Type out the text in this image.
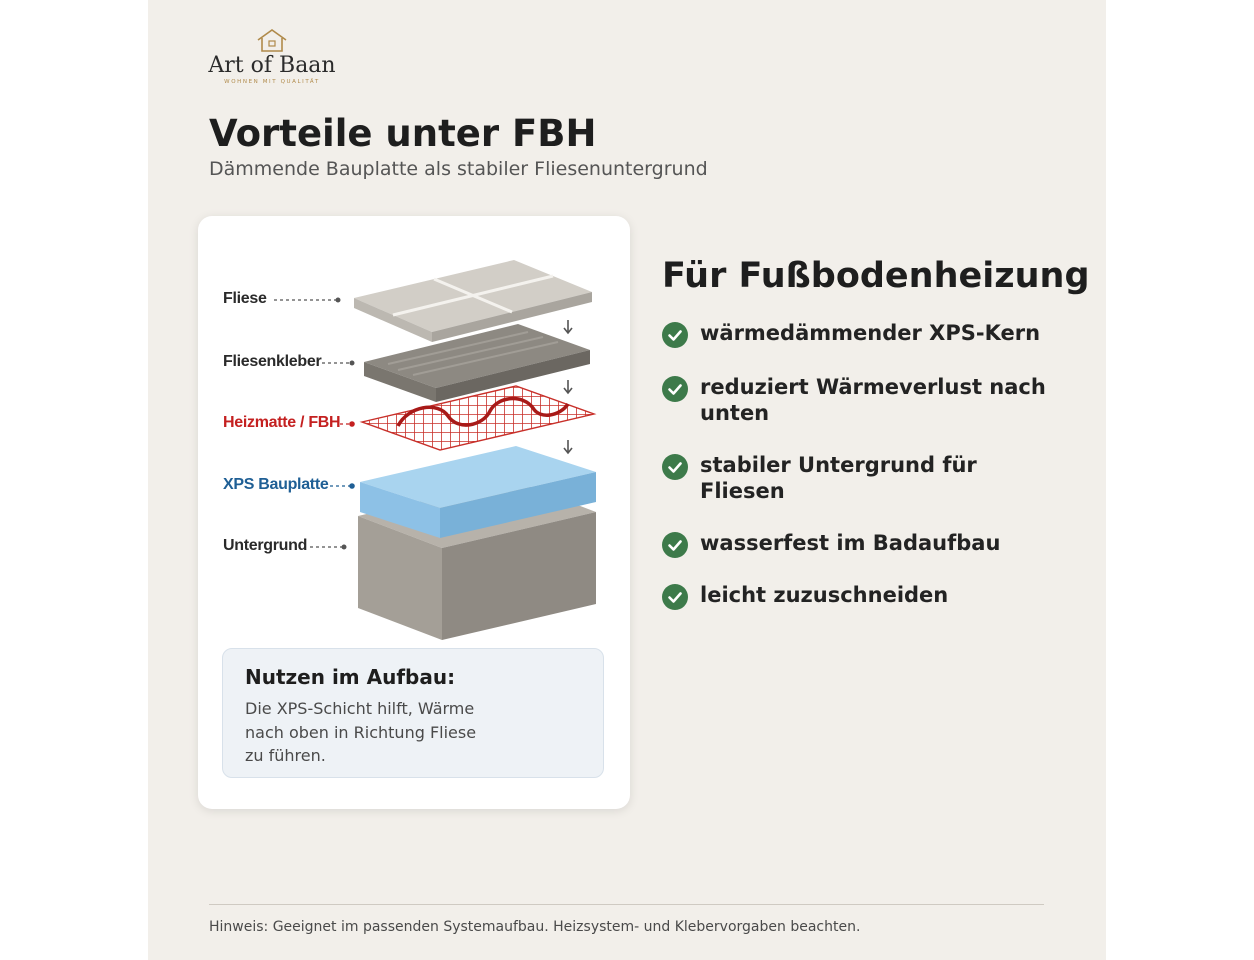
Art of Baan
WOHNEN MIT QUALITÄT
Vorteile unter FBH
Dämmende Bauplatte als stabiler Fliesenuntergrund
Fliese
Fliesenkleber
Heizmatte / FBH
XPS Bauplatte
Untergrund
Nutzen im Aufbau:
Die XPS-Schicht hilft, Wärme nach oben in Richtung Fliese zu führen.
Für Fußbodenheizung
wärmedämmender XPS-Kern
reduziert Wärmeverlust nach unten
stabiler Untergrund für Fliesen
wasserfest im Badaufbau
leicht zuzuschneiden
Hinweis: Geeignet im passenden Systemaufbau. Heizsystem- und Klebervorgaben beachten.
